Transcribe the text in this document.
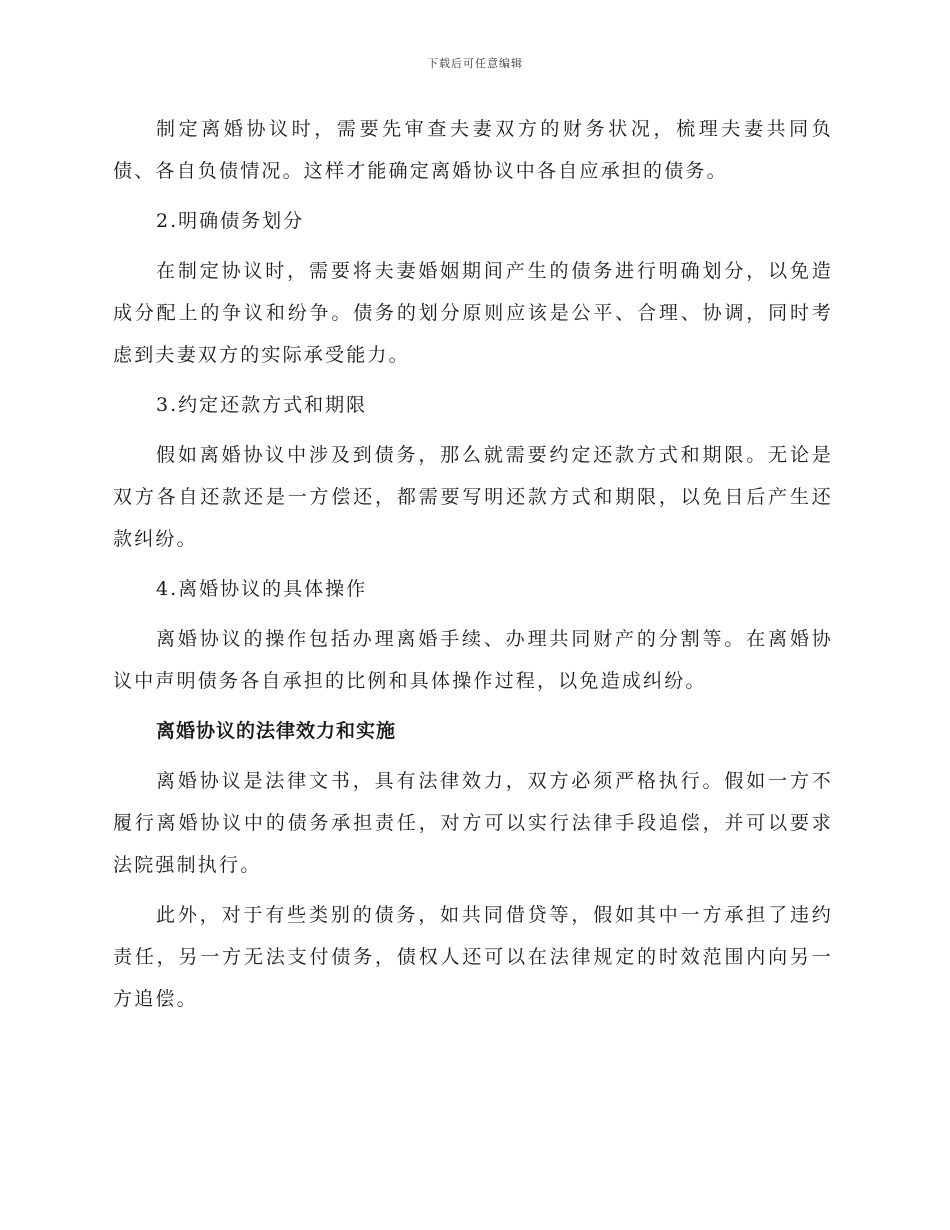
下载后可任意编辑

制定离婚协议时，需要先审查夫妻双方的财务状况，梳理夫妻共同负债、各自负债情况。这样才能确定离婚协议中各自应承担的债务。

2.明确债务划分

在制定协议时，需要将夫妻婚姻期间产生的债务进行明确划分，以免造成分配上的争议和纷争。债务的划分原则应该是公平、合理、协调，同时考虑到夫妻双方的实际承受能力。

3.约定还款方式和期限

假如离婚协议中涉及到债务，那么就需要约定还款方式和期限。无论是双方各自还款还是一方偿还，都需要写明还款方式和期限，以免日后产生还款纠纷。

4.离婚协议的具体操作

离婚协议的操作包括办理离婚手续、办理共同财产的分割等。在离婚协议中声明债务各自承担的比例和具体操作过程，以免造成纠纷。

离婚协议的法律效力和实施

离婚协议是法律文书，具有法律效力，双方必须严格执行。假如一方不履行离婚协议中的债务承担责任，对方可以实行法律手段追偿，并可以要求法院强制执行。

此外，对于有些类别的债务，如共同借贷等，假如其中一方承担了违约责任，另一方无法支付债务，债权人还可以在法律规定的时效范围内向另一方追偿。
